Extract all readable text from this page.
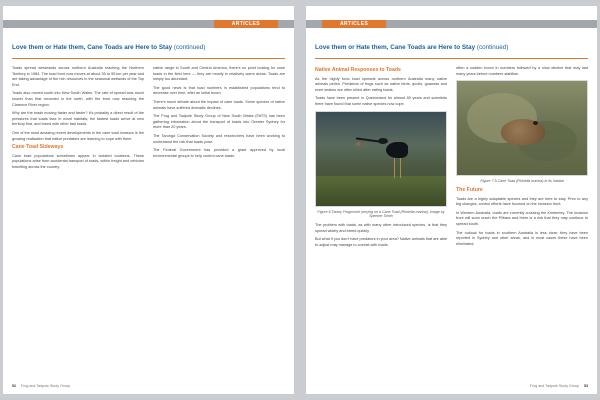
ARTICLES
Love them or Hate them, Cane Toads are Here to Stay (continued)

Toads spread westwards across northern Australia reaching the Northern Territory in 1984. The toad front now moves at about 35 to 55 km per year and are taking advantage of the rich resources in the seasonal wetlands of the Top End.

Toads also moved south into New South Wales. The rate of spread was much slower than that recorded in the north, with the front now reaching the Clarence River region.

Why are the toads moving faster and faster? It's probably a direct result of the pressures that toads face in novel habitats; the fastest toads arrive at new territory first, and breed with other fast toads.

One of the most amazing recent developments in the cane toad invasion is the growing realisation that native predators are learning to cope with them.

Cane Toad Sideways

Cane toad populations sometimes appear in isolated locations. These populations arise from accidental transport of toads, within freight and vehicles travelling across the country.

native range in South and Central America, there's no point looking for cane toads in the field here — they are mostly in relatively warm areas. Toads are simply too abundant.

The good news is that toad numbers in established populations tend to decrease over time, after an initial boom.

There's much debate about the impact of cane toads. Some species of native animals have suffered dramatic declines.

The Frog and Tadpole Study Group of New South Wales (FATS) has been gathering information about the transport of toads into Greater Sydney for more than 20 years.

The Taronga Conservation Society and researchers have been working to understand the risk that toads pose.

The Federal Government has provided a grant approved by local environmental groups to help control cane toads.

52 Frog and Tadpole Study Group
ARTICLES
Love them or Hate them, Cane Toads are Here to Stay (continued)
Native Animal Responses to Toads

As the highly toxic toad spreads across northern Australia many native animals perish. Predators of frogs such as native birds, quolls, goannas and even snakes are often killed after eating toads.

Toads have been present in Queensland for almost 80 years and scientists there have found that some native species now cope.

Figure 6 Tawny Frogmouth preying on a Cane Toad (Rhinella marina). Image by Spencer Smith

The problem with toads, as with many other introduced species, is that they spread widely and breed quickly.

But what if you don't have predators in your area? Native animals that are able to adjust may manage to coexist with toads.

often a sudden boom in numbers followed by a slow decline that may last many years before numbers stabilise.

Figure 7 A Cane Toad (Rhinella marina) in its habitat
The Future

Toads are a highly adaptable species and they are here to stay. Prior to any big changes, control efforts have focused on the invasion front.

In Western Australia, toads are currently crossing the Kimberley. The invasion front will soon reach the Pilbara and there is a risk that they may continue to spread south.

The outlook for toads in southern Australia is less clear; they have been reported in Sydney and other areas, and in most cases these have been eliminated.

Frog and Tadpole Study Group 53
